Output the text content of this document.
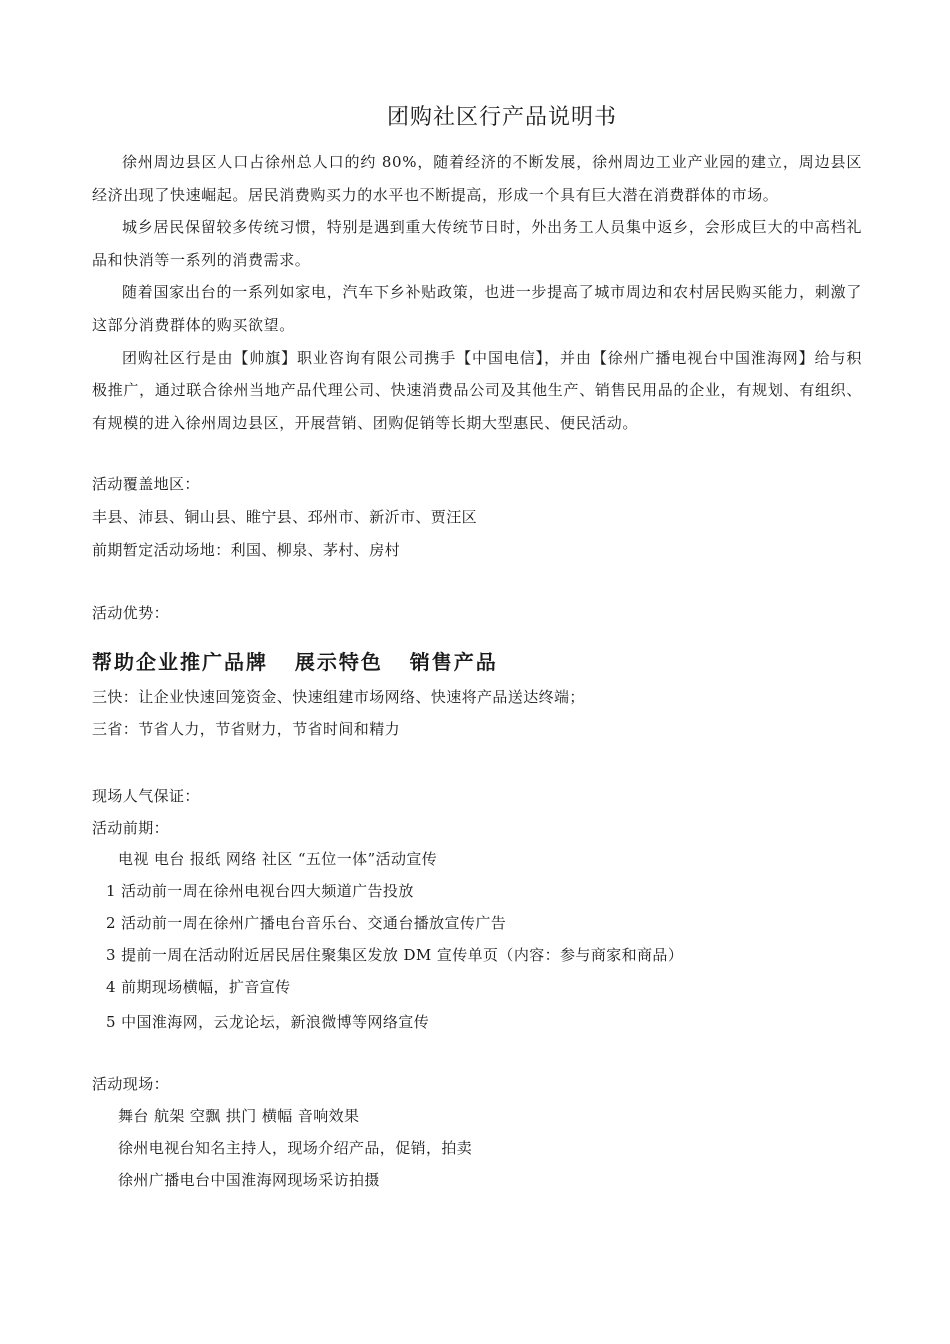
团购社区行产品说明书

徐州周边县区人口占徐州总人口的约 80%，随着经济的不断发展，徐州周边工业产业园的建立，周边县区经济出现了快速崛起。居民消费购买力的水平也不断提高，形成一个具有巨大潜在消费群体的市场。

城乡居民保留较多传统习惯，特别是遇到重大传统节日时，外出务工人员集中返乡，会形成巨大的中高档礼品和快消等一系列的消费需求。

随着国家出台的一系列如家电，汽车下乡补贴政策，也进一步提高了城市周边和农村居民购买能力，刺激了这部分消费群体的购买欲望。

团购社区行是由【帅旗】职业咨询有限公司携手【中国电信】，并由【徐州广播电视台中国淮海网】给与积极推广，通过联合徐州当地产品代理公司、快速消费品公司及其他生产、销售民用品的企业，有规划、有组织、有规模的进入徐州周边县区，开展营销、团购促销等长期大型惠民、便民活动。

活动覆盖地区：
丰县、沛县、铜山县、睢宁县、邳州市、新沂市、贾汪区
前期暂定活动场地：利国、柳泉、茅村、房村
活动优势：
帮助企业推广品牌   展示特色   销售产品
三快：让企业快速回笼资金、快速组建市场网络、快速将产品送达终端；
三省：节省人力，节省财力，节省时间和精力
现场人气保证：
活动前期：
电视 电台 报纸 网络 社区 “五位一体”活动宣传
1 活动前一周在徐州电视台四大频道广告投放
2 活动前一周在徐州广播电台音乐台、交通台播放宣传广告
3 提前一周在活动附近居民居住聚集区发放 DM 宣传单页（内容：参与商家和商品）
4 前期现场横幅，扩音宣传
5 中国淮海网，云龙论坛，新浪微博等网络宣传
活动现场：
舞台 航架 空飘 拱门 横幅 音响效果
徐州电视台知名主持人，现场介绍产品，促销，拍卖
徐州广播电台中国淮海网现场采访拍摄
